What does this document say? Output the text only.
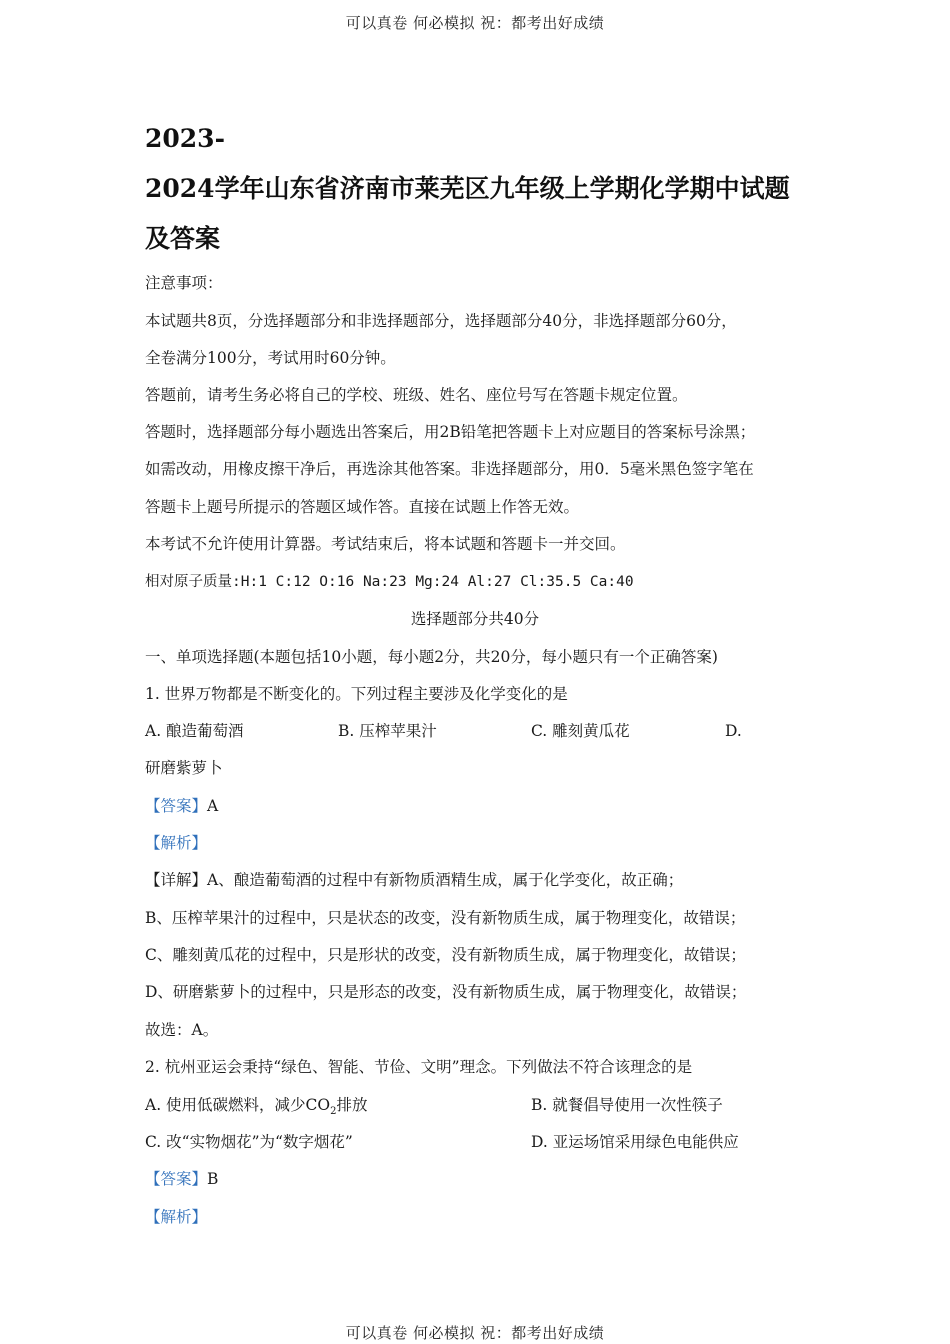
可以真卷 何必模拟 祝：都考出好成绩
2023-
2024学年山东省济南市莱芜区九年级上学期化学期中试题
及答案
注意事项：
本试题共8页，分选择题部分和非选择题部分，选择题部分40分，非选择题部分60分，
全卷满分100分，考试用时60分钟。
答题前，请考生务必将自己的学校、班级、姓名、座位号写在答题卡规定位置。
答题时，选择题部分每小题选出答案后，用2B铅笔把答题卡上对应题目的答案标号涂黑；
如需改动，用橡皮擦干净后，再选涂其他答案。非选择题部分，用0．5毫米黑色签字笔在
答题卡上题号所提示的答题区域作答。直接在试题上作答无效。
本考试不允许使用计算器。考试结束后，将本试题和答题卡一并交回。
相对原子质量:H:1 C:12 O:16 Na:23 Mg:24 Al:27 Cl:35.5 Ca:40
选择题部分共40分
一、单项选择题(本题包括10小题，每小题2分，共20分，每小题只有一个正确答案)
1. 世界万物都是不断变化的。下列过程主要涉及化学变化的是
A. 酿造葡萄酒	B. 压榨苹果汁	C. 雕刻黄瓜花	D.
研磨紫萝卜
【答案】A
【解析】
【详解】A、酿造葡萄酒的过程中有新物质酒精生成，属于化学变化，故正确；
B、压榨苹果汁的过程中，只是状态的改变，没有新物质生成，属于物理变化，故错误；
C、雕刻黄瓜花的过程中，只是形状的改变，没有新物质生成，属于物理变化，故错误；
D、研磨紫萝卜的过程中，只是形态的改变，没有新物质生成，属于物理变化，故错误；
故选：A。
2. 杭州亚运会秉持“绿色、智能、节俭、文明”理念。下列做法不符合该理念的是
A. 使用低碳燃料，减少$CO_2$排放	B. 就餐倡导使用一次性筷子
C. 改“实物烟花”为“数字烟花”	D. 亚运场馆采用绿色电能供应
【答案】B
【解析】
可以真卷 何必模拟 祝：都考出好成绩
